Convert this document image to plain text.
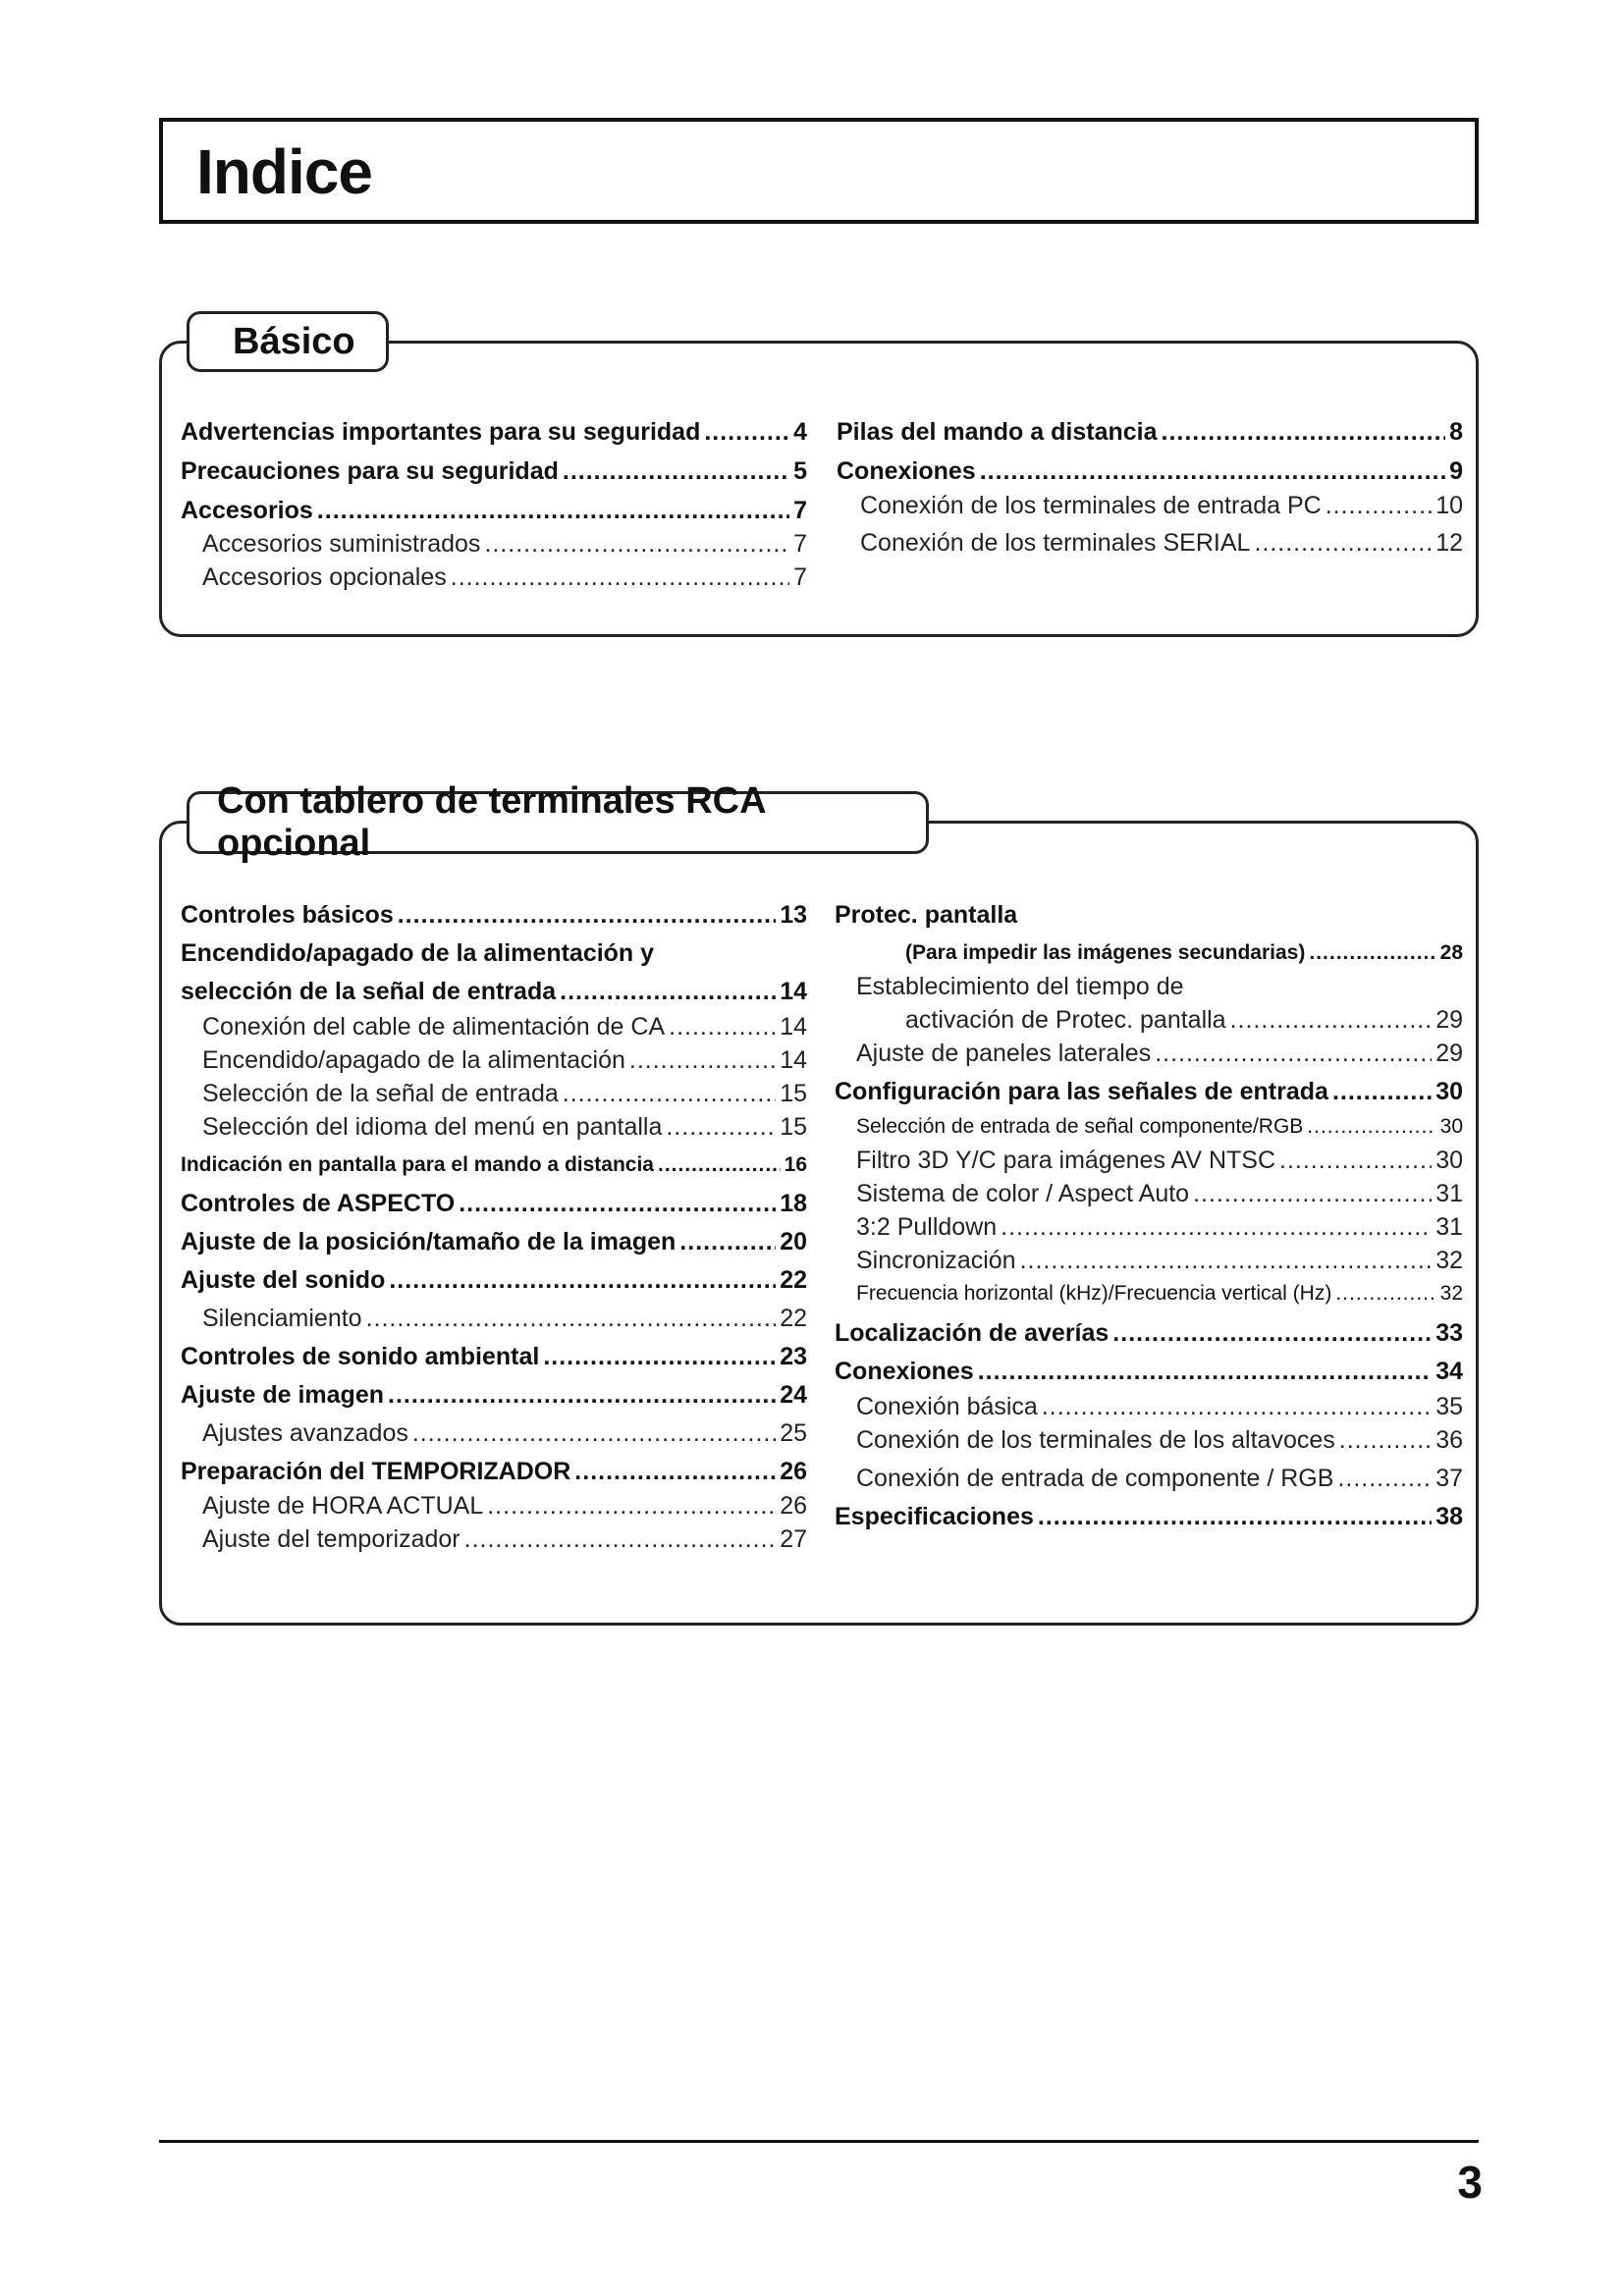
Indice
Básico
Con tablero de terminales RCA opcional
3
Advertencias importantes para su seguridad .....	4
Precauciones para su seguridad .....	5
Accesorios .....	7
Accesorios suministrados .....	7
Accesorios opcionales .....	7
Pilas del mando a distancia .....	8
Conexiones .....	9
Conexión de los terminales de entrada PC .....	10
Conexión de los terminales SERIAL .....	12
Controles básicos .....	13
Encendido/apagado de la alimentación y
selección de la señal de entrada .....	14
Conexión del cable de alimentación de CA .....	14
Encendido/apagado de la alimentación .....	14
Selección de la señal de entrada .....	15
Selección del idioma del menú en pantalla .....	15
Indicación en pantalla para el mando a distancia .....	16
Controles de ASPECTO .....	18
Ajuste de la posición/tamaño de la imagen .....	20
Ajuste del sonido .....	22
Silenciamiento .....	22
Controles de sonido ambiental .....	23
Ajuste de imagen .....	24
Ajustes avanzados .....	25
Preparación del TEMPORIZADOR .....	26
Ajuste de HORA ACTUAL .....	26
Ajuste del temporizador .....	27
Protec. pantalla
(Para impedir las imágenes secundarias) .....	28
Establecimiento del tiempo de
activación de Protec. pantalla .....	29
Ajuste de paneles laterales .....	29
Configuración para las señales de entrada .....	30
Selección de entrada de señal componente/RGB .....	30
Filtro 3D Y/C para imágenes AV NTSC .....	30
Sistema de color / Aspect Auto .....	31
3:2 Pulldown .....	31
Sincronización .....	32
Frecuencia horizontal (kHz)/Frecuencia vertical (Hz) .....	32
Localización de averías .....	33
Conexiones .....	34
Conexión básica .....	35
Conexión de los terminales de los altavoces .....	36
Conexión de entrada de componente / RGB .....	37
Especificaciones .....	38
